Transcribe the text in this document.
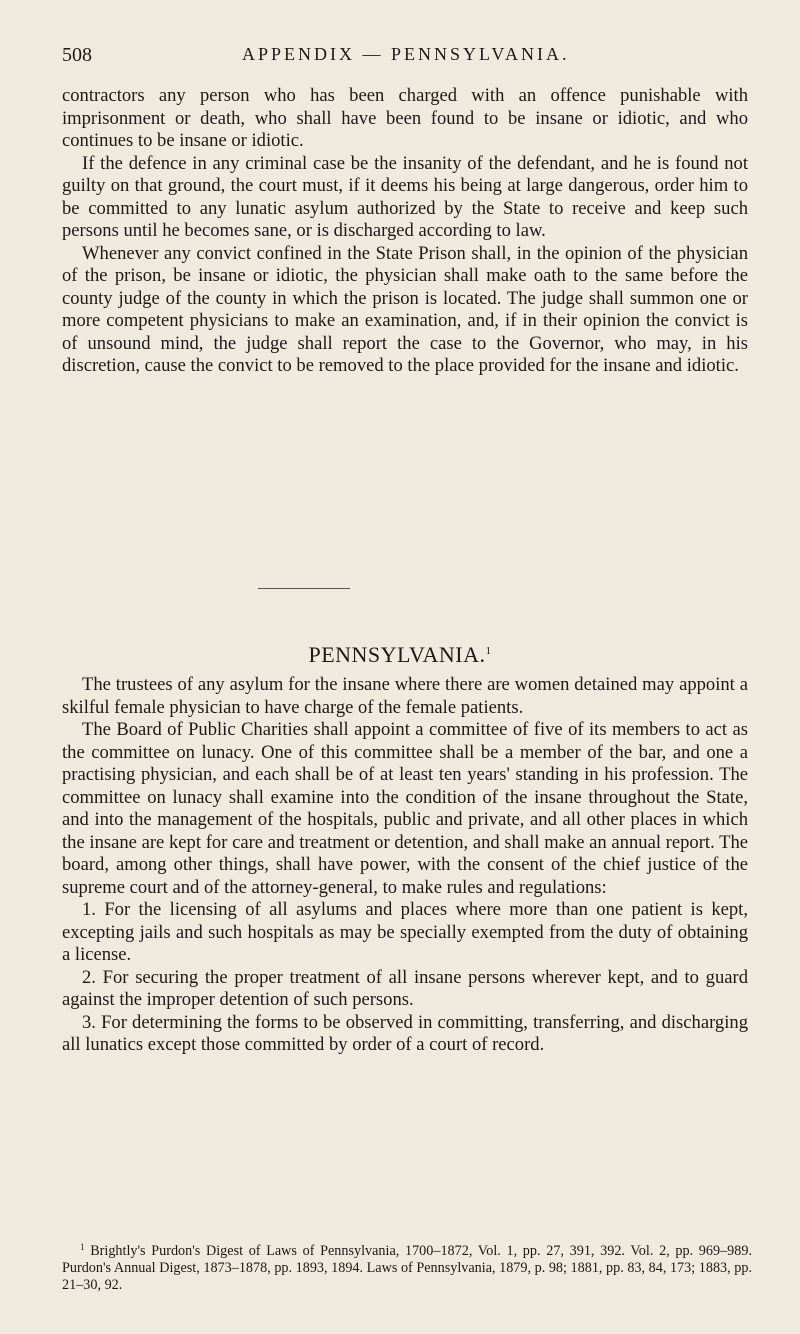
508	APPENDIX — PENNSYLVANIA.

contractors any person who has been charged with an offence punishable with imprisonment or death, who shall have been found to be insane or idiotic, and who continues to be insane or idiotic.

If the defence in any criminal case be the insanity of the defendant, and he is found not guilty on that ground, the court must, if it deems his being at large dangerous, order him to be committed to any lunatic asylum authorized by the State to receive and keep such persons until he becomes sane, or is discharged according to law.

Whenever any convict confined in the State Prison shall, in the opinion of the physician of the prison, be insane or idiotic, the physician shall make oath to the same before the county judge of the county in which the prison is located. The judge shall summon one or more competent physicians to make an examination, and, if in their opinion the convict is of unsound mind, the judge shall report the case to the Governor, who may, in his discretion, cause the convict to be removed to the place provided for the insane and idiotic.

PENNSYLVANIA.$^1$

The trustees of any asylum for the insane where there are women detained may appoint a skilful female physician to have charge of the female patients.

The Board of Public Charities shall appoint a committee of five of its members to act as the committee on lunacy. One of this committee shall be a member of the bar, and one a practising physician, and each shall be of at least ten years' standing in his profession. The committee on lunacy shall examine into the condition of the insane throughout the State, and into the management of the hospitals, public and private, and all other places in which the insane are kept for care and treatment or detention, and shall make an annual report. The board, among other things, shall have power, with the consent of the chief justice of the supreme court and of the attorney-general, to make rules and regulations:

1. For the licensing of all asylums and places where more than one patient is kept, excepting jails and such hospitals as may be specially exempted from the duty of obtaining a license.

2. For securing the proper treatment of all insane persons wherever kept, and to guard against the improper detention of such persons.

3. For determining the forms to be observed in committing, transferring, and discharging all lunatics except those committed by order of a court of record.

$^1$ Brightly's Purdon's Digest of Laws of Pennsylvania, 1700–1872, Vol. 1, pp. 27, 391, 392. Vol. 2, pp. 969–989. Purdon's Annual Digest, 1873–1878, pp. 1893, 1894. Laws of Pennsylvania, 1879, p. 98; 1881, pp. 83, 84, 173; 1883, pp. 21–30, 92.
